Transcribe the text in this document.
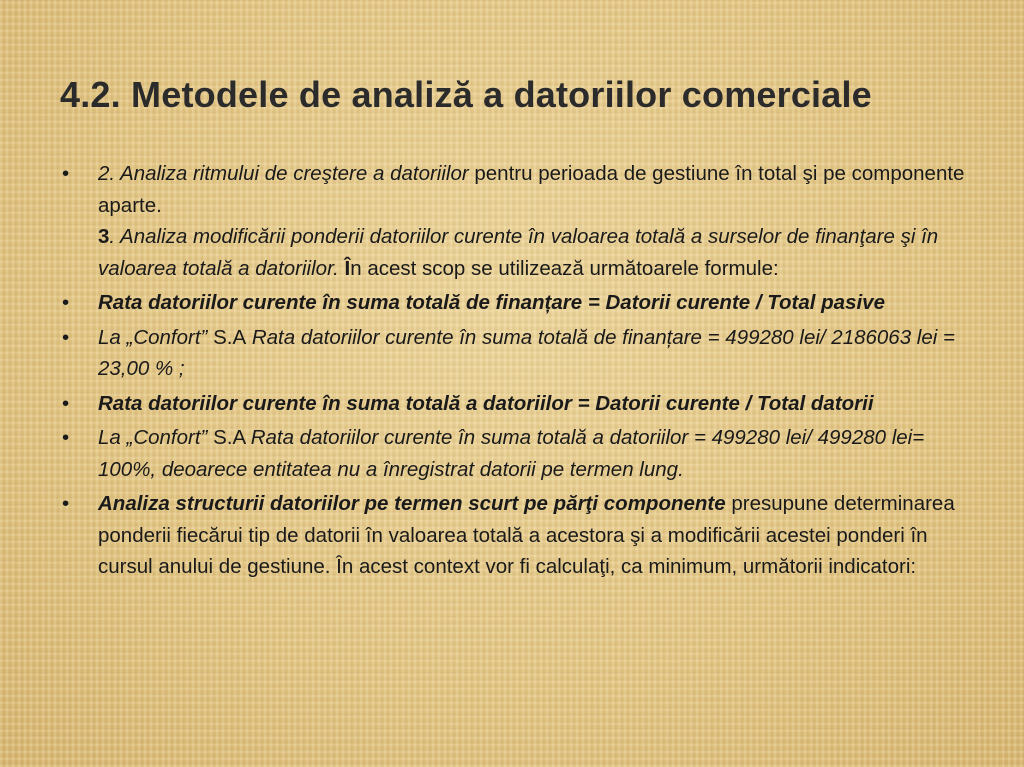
4.2. Metodele de analiză a datoriilor comerciale
•	2. Analiza ritmului de creştere a datoriilor pentru perioada de gestiune în total şi pe componente aparte.
3. Analiza modificării ponderii datoriilor curente în valoarea totală a surselor de finanţare şi în valoarea totală a datoriilor. În acest scop se utilizează următoarele formule:
•	Rata datoriilor curente în suma totală de finanțare = Datorii curente / Total pasive
•	La „Confort” S.A Rata datoriilor curente în suma totală de finanțare = 499280 lei/ 2186063 lei = 23,00 % ;
•	Rata datoriilor curente în suma totală a datoriilor = Datorii curente / Total datorii
•	La „Confort” S.A Rata datoriilor curente în suma totală a datoriilor = 499280 lei/ 499280 lei= 100%, deoarece entitatea nu a înregistrat datorii pe termen lung.
•	Analiza structurii datoriilor pe termen scurt pe părţi componente presupune determinarea ponderii fiecărui tip de datorii în valoarea totală a acestora şi a modificării acestei ponderi în cursul anului de gestiune. În acest context vor fi calculaţi, ca minimum, următorii indicatori:
